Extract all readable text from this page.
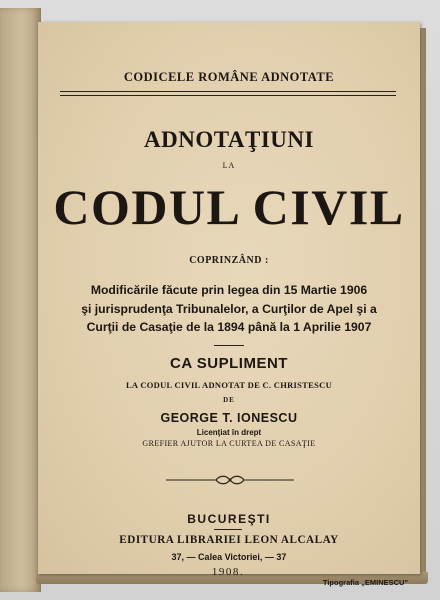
CODICELE ROMÂNE ADNOTATE
ADNOTAŢIUNI
LA
CODUL CIVIL
COPRINZÂND :
Modificările făcute prin legea din 15 Martie 1906
şi jurisprudenţa Tribunalelor, a Curţilor de Apel şi a
Curţii de Casaţie de la 1894 până la 1 Aprilie 1907
CA SUPLIMENT
LA CODUL CIVIL ADNOTAT DE C. CHRISTESCU
DE
GEORGE T. IONESCU
Licenţiat în drept
GREFIER AJUTOR LA CURTEA DE CASAŢIE
BUCUREŞTI
EDITURA LIBRARIEI LEON ALCALAY
37, — Calea Victoriei, — 37
1908.
Tipografia „EMINESCU"
